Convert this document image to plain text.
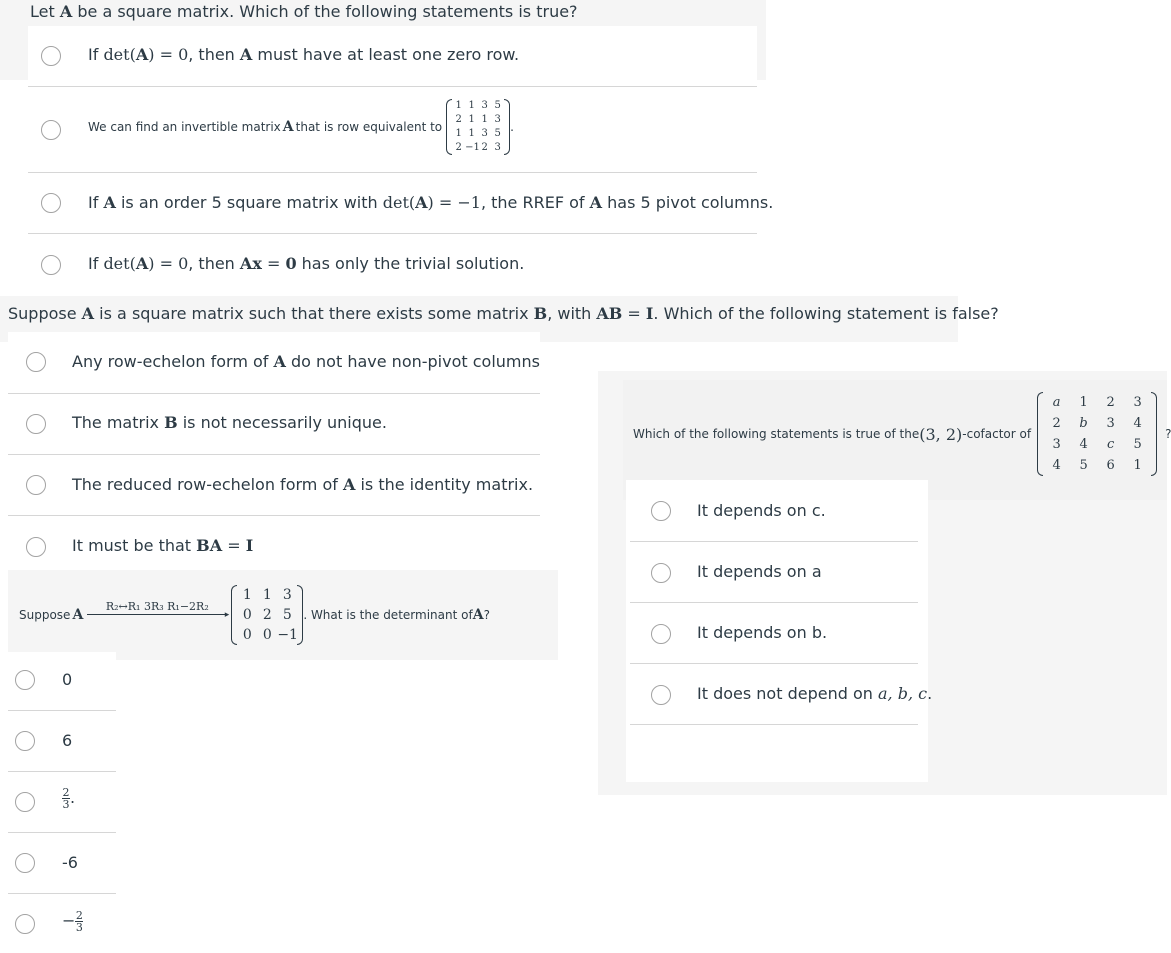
Let A be a square matrix. Which of the following statements is true?
If det(A) = 0, then A must have at least one zero row.
We can find an invertible matrix A that is row equivalent to
1 1 3 5
2 1 1 3
1 1 3 5
2 −1 2 3
.
If A is an order 5 square matrix with det(A) = −1, the RREF of A has 5 pivot columns.
If det(A) = 0, then Ax = 0 has only the trivial solution.
Suppose A is a square matrix such that there exists some matrix B, with AB = I. Which of the following statement is false?
Any row-echelon form of A do not have non-pivot columns
The matrix B is not necessarily unique.
The reduced row-echelon form of A is the identity matrix.
It must be that BA = I
Suppose A
R₂↔R₁ 3R₃ R₁−2R₂
▸
1 1 3
0 2 5
0 0 −1
. What is the determinant of A ?
0
6
$\frac{2}{3}$ .
-6
− $\frac{2}{3}$
Which of the following statements is true of the (3, 2) -cofactor of
a	1	2	3
2	b	3	4
3	4	c	5
4	5	6	1
?
It depends on c.
It depends on a
It depends on b.
It does not depend on a, b, c.
